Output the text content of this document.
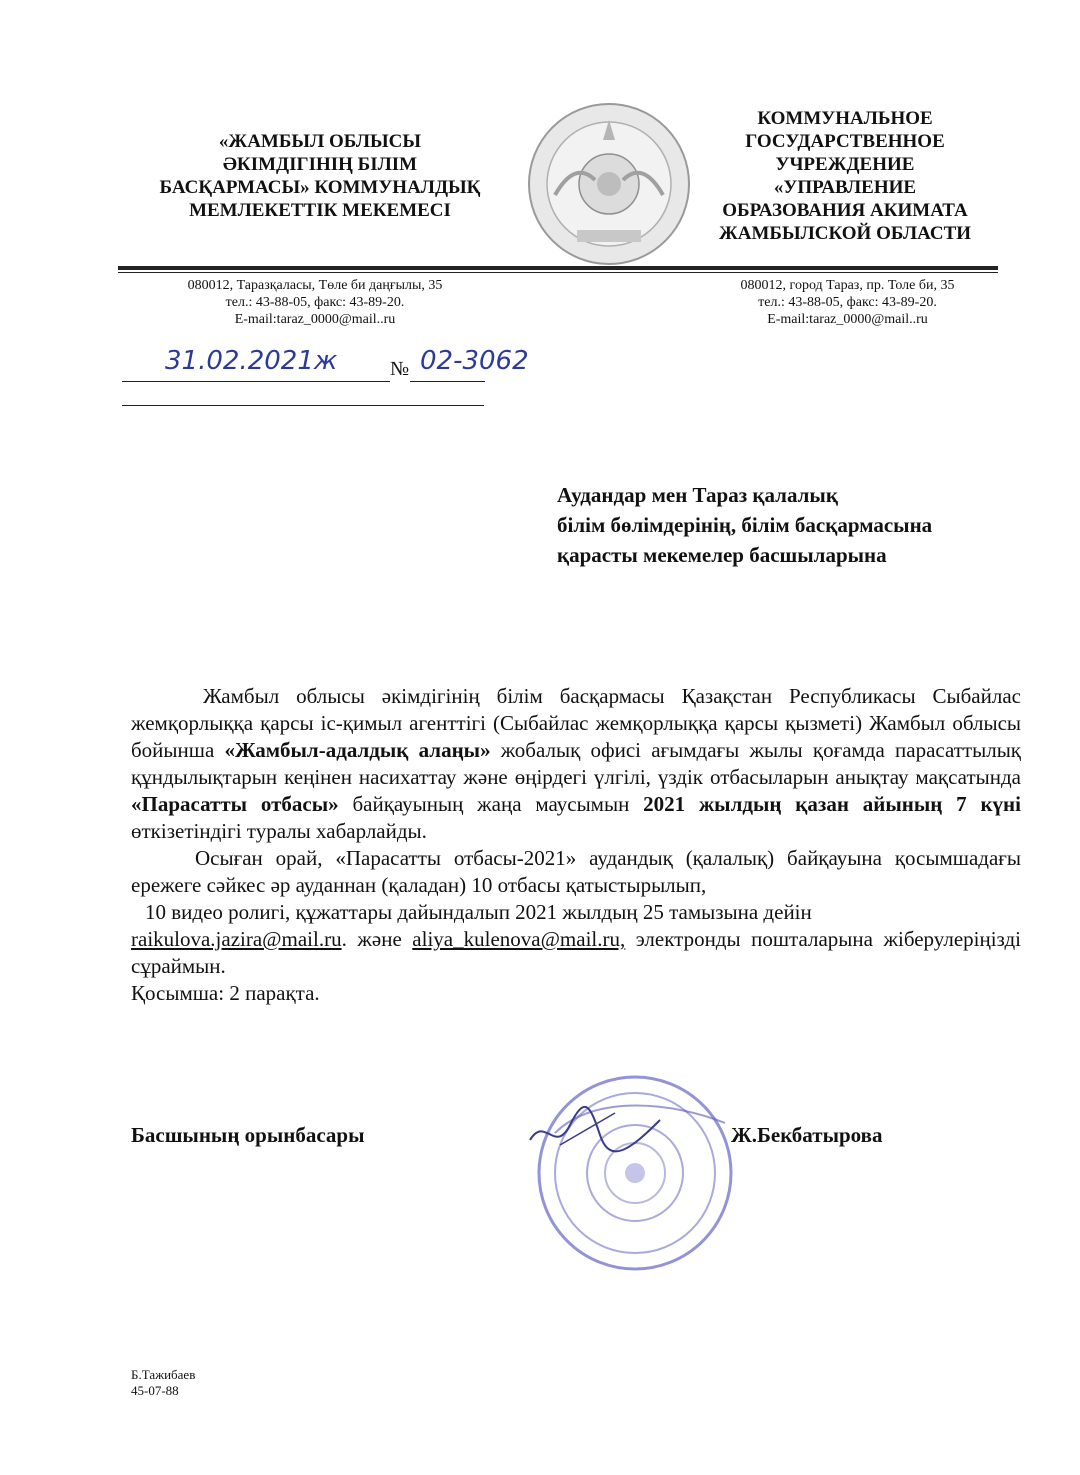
«ЖАМБЫЛ ОБЛЫСЫ
ӘКІМДІГІНІҢ БІЛІМ
БАСҚАРМАСЫ» КОММУНАЛДЫҚ
МЕМЛЕКЕТТІК МЕКЕМЕСІ
КОММУНАЛЬНОЕ
ГОСУДАРСТВЕННОЕ
УЧРЕЖДЕНИЕ
«УПРАВЛЕНИЕ
ОБРАЗОВАНИЯ АКИМАТА
ЖАМБЫЛСКОЙ ОБЛАСТИ
080012, Таразқаласы, Төле би даңғылы, 35
тел.: 43-88-05, факс: 43-89-20.
E-mail:taraz_0000@mail..ru
080012, город Тараз, пр. Толе би, 35
тел.: 43-88-05, факс: 43-89-20.
E-mail:taraz_0000@mail..ru
31.02.2021ж	№ 02-3062
Аудандар мен Тараз қалалық
білім бөлімдерінің, білім басқармасына
қарасты мекемелер басшыларына

Жамбыл облысы әкімдігінің білім басқармасы Қазақстан Республикасы Сыбайлас жемқорлыққа қарсы іс-қимыл агенттігі (Сыбайлас жемқорлыққа қарсы қызметі) Жамбыл облысы бойынша «Жамбыл-адалдық алаңы» жобалық офисі ағымдағы жылы қоғамда парасаттылық құндылықтарын кеңінен насихаттау және өңірдегі үлгілі, үздік отбасыларын анықтау мақсатында «Парасатты отбасы» байқауының жаңа маусымын 2021 жылдың қазан айының 7 күні өткізетіндігі туралы хабарлайды.

Осыған орай, «Парасатты отбасы-2021» аудандық (қалалық) байқауына қосымшадағы ережеге сәйкес әр ауданнан (қаладан) 10 отбасы қатыстырылып,

10 видео ролигі, құжаттары дайындалып 2021 жылдың 25 тамызына дейін

raikulova.jazira@mail.ru. және aliya_kulenova@mail.ru, электронды пошталарына жіберулеріңізді сұраймын.

Қосымша: 2 парақта.

Басшының орынбасары	Ж.Бекбатырова
Б.Тажибаев
45-07-88
